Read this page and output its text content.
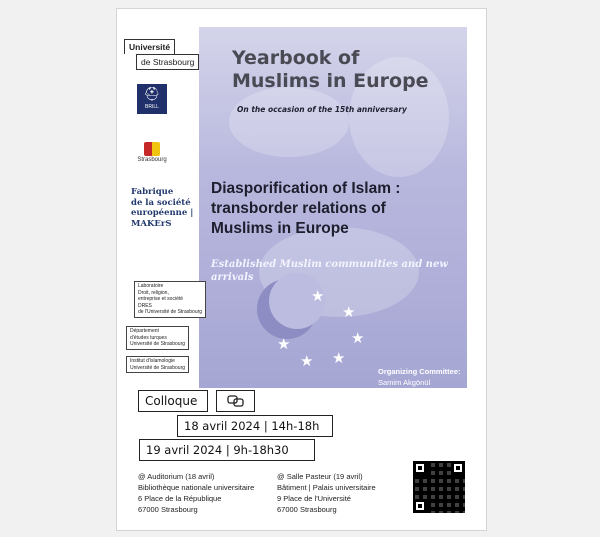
Yearbook of
Muslims in Europe
On the occasion of the 15th anniversary
Diasporification of Islam :
transborder relations of
Muslims in Europe
Established Muslim communities and new arrivals
★
★
★
★
★
★
Organizing Committee:
Samim Akgönül
Anne-Laure Zwilling
Éric Vallet
Khalid Rabeh
Marguerite Gökmen
Université
de Strasbourg
⛑
BRILL
Strasbourg
Fabrique
de la société
européenne |
MAKErS
Laboratoire
Droit, religion,
entreprise et société
DRES
de l'Université de Strasbourg
Département
d'études turques
Université de Strasbourg
Institut d'islamologie
Université de Strasbourg
Colloque
18 avril 2024 | 14h-18h
19 avril 2024 | 9h-18h30
@ Auditorium (18 avril)
Bibliothèque nationale universitaire
6 Place de la République
67000 Strasbourg
@ Salle Pasteur (19 avril)
Bâtiment | Palais universitaire
9 Place de l'Université
67000 Strasbourg
